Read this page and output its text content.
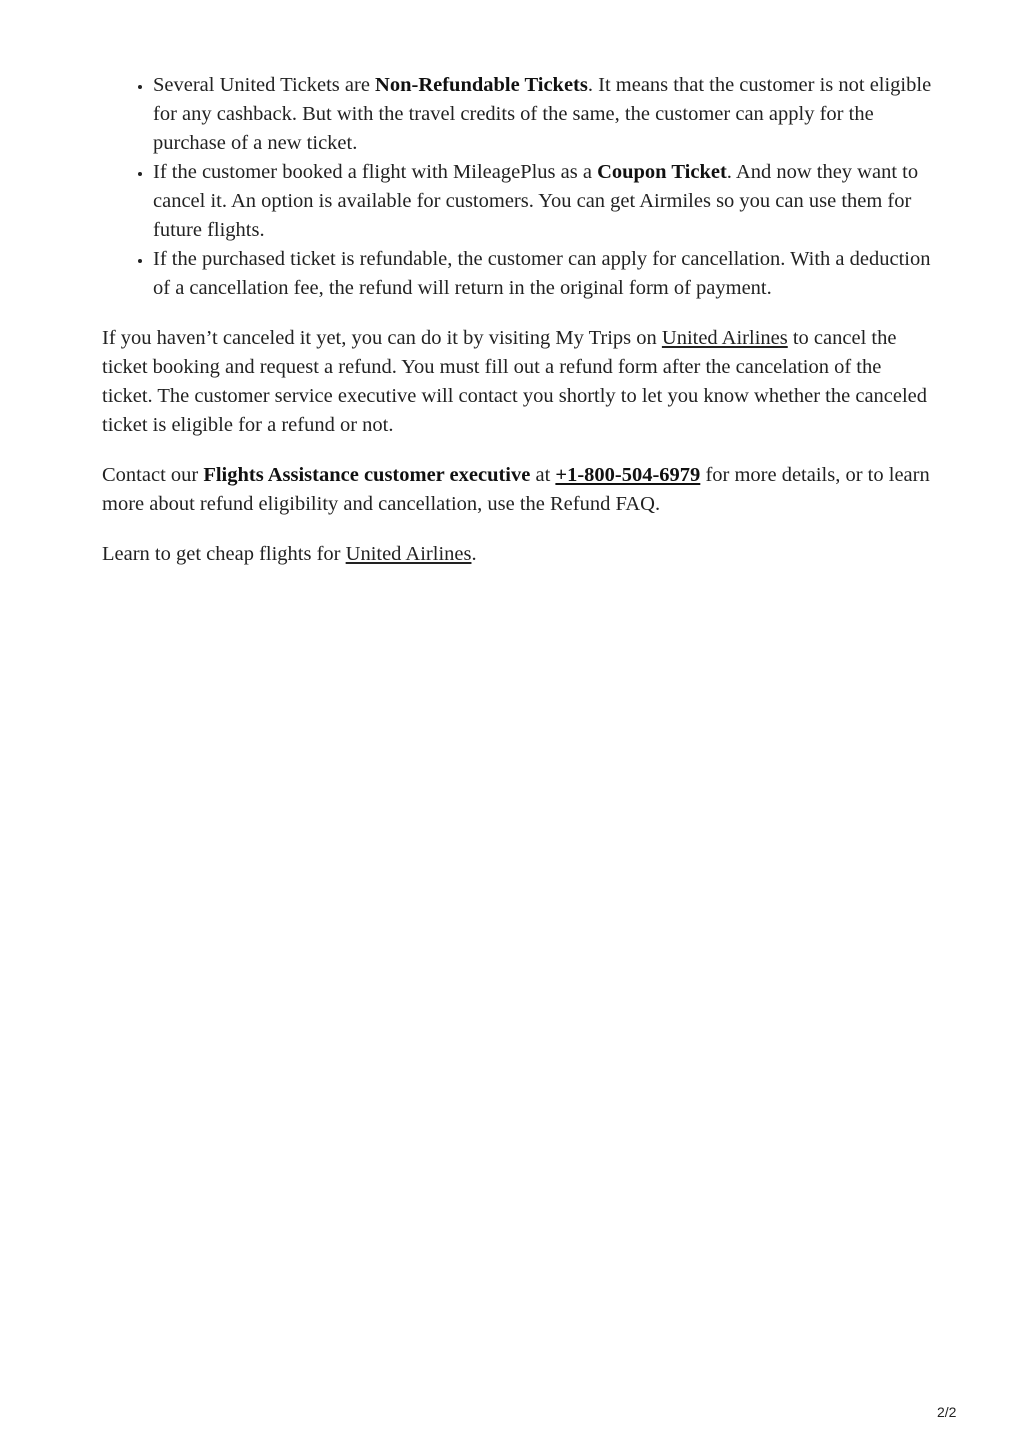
• Several United Tickets are Non-Refundable Tickets. It means that the customer is not eligible for any cashback. But with the travel credits of the same, the customer can apply for the purchase of a new ticket.
• If the customer booked a flight with MileagePlus as a Coupon Ticket. And now they want to cancel it. An option is available for customers. You can get Airmiles so you can use them for future flights.
• If the purchased ticket is refundable, the customer can apply for cancellation. With a deduction of a cancellation fee, the refund will return in the original form of payment.

If you haven’t canceled it yet, you can do it by visiting My Trips on United Airlines to cancel the ticket booking and request a refund. You must fill out a refund form after the cancelation of the ticket. The customer service executive will contact you shortly to let you know whether the canceled ticket is eligible for a refund or not.

Contact our Flights Assistance customer executive at +1-800-504-6979 for more details, or to learn more about refund eligibility and cancellation, use the Refund FAQ.

Learn to get cheap flights for United Airlines.

2/2
